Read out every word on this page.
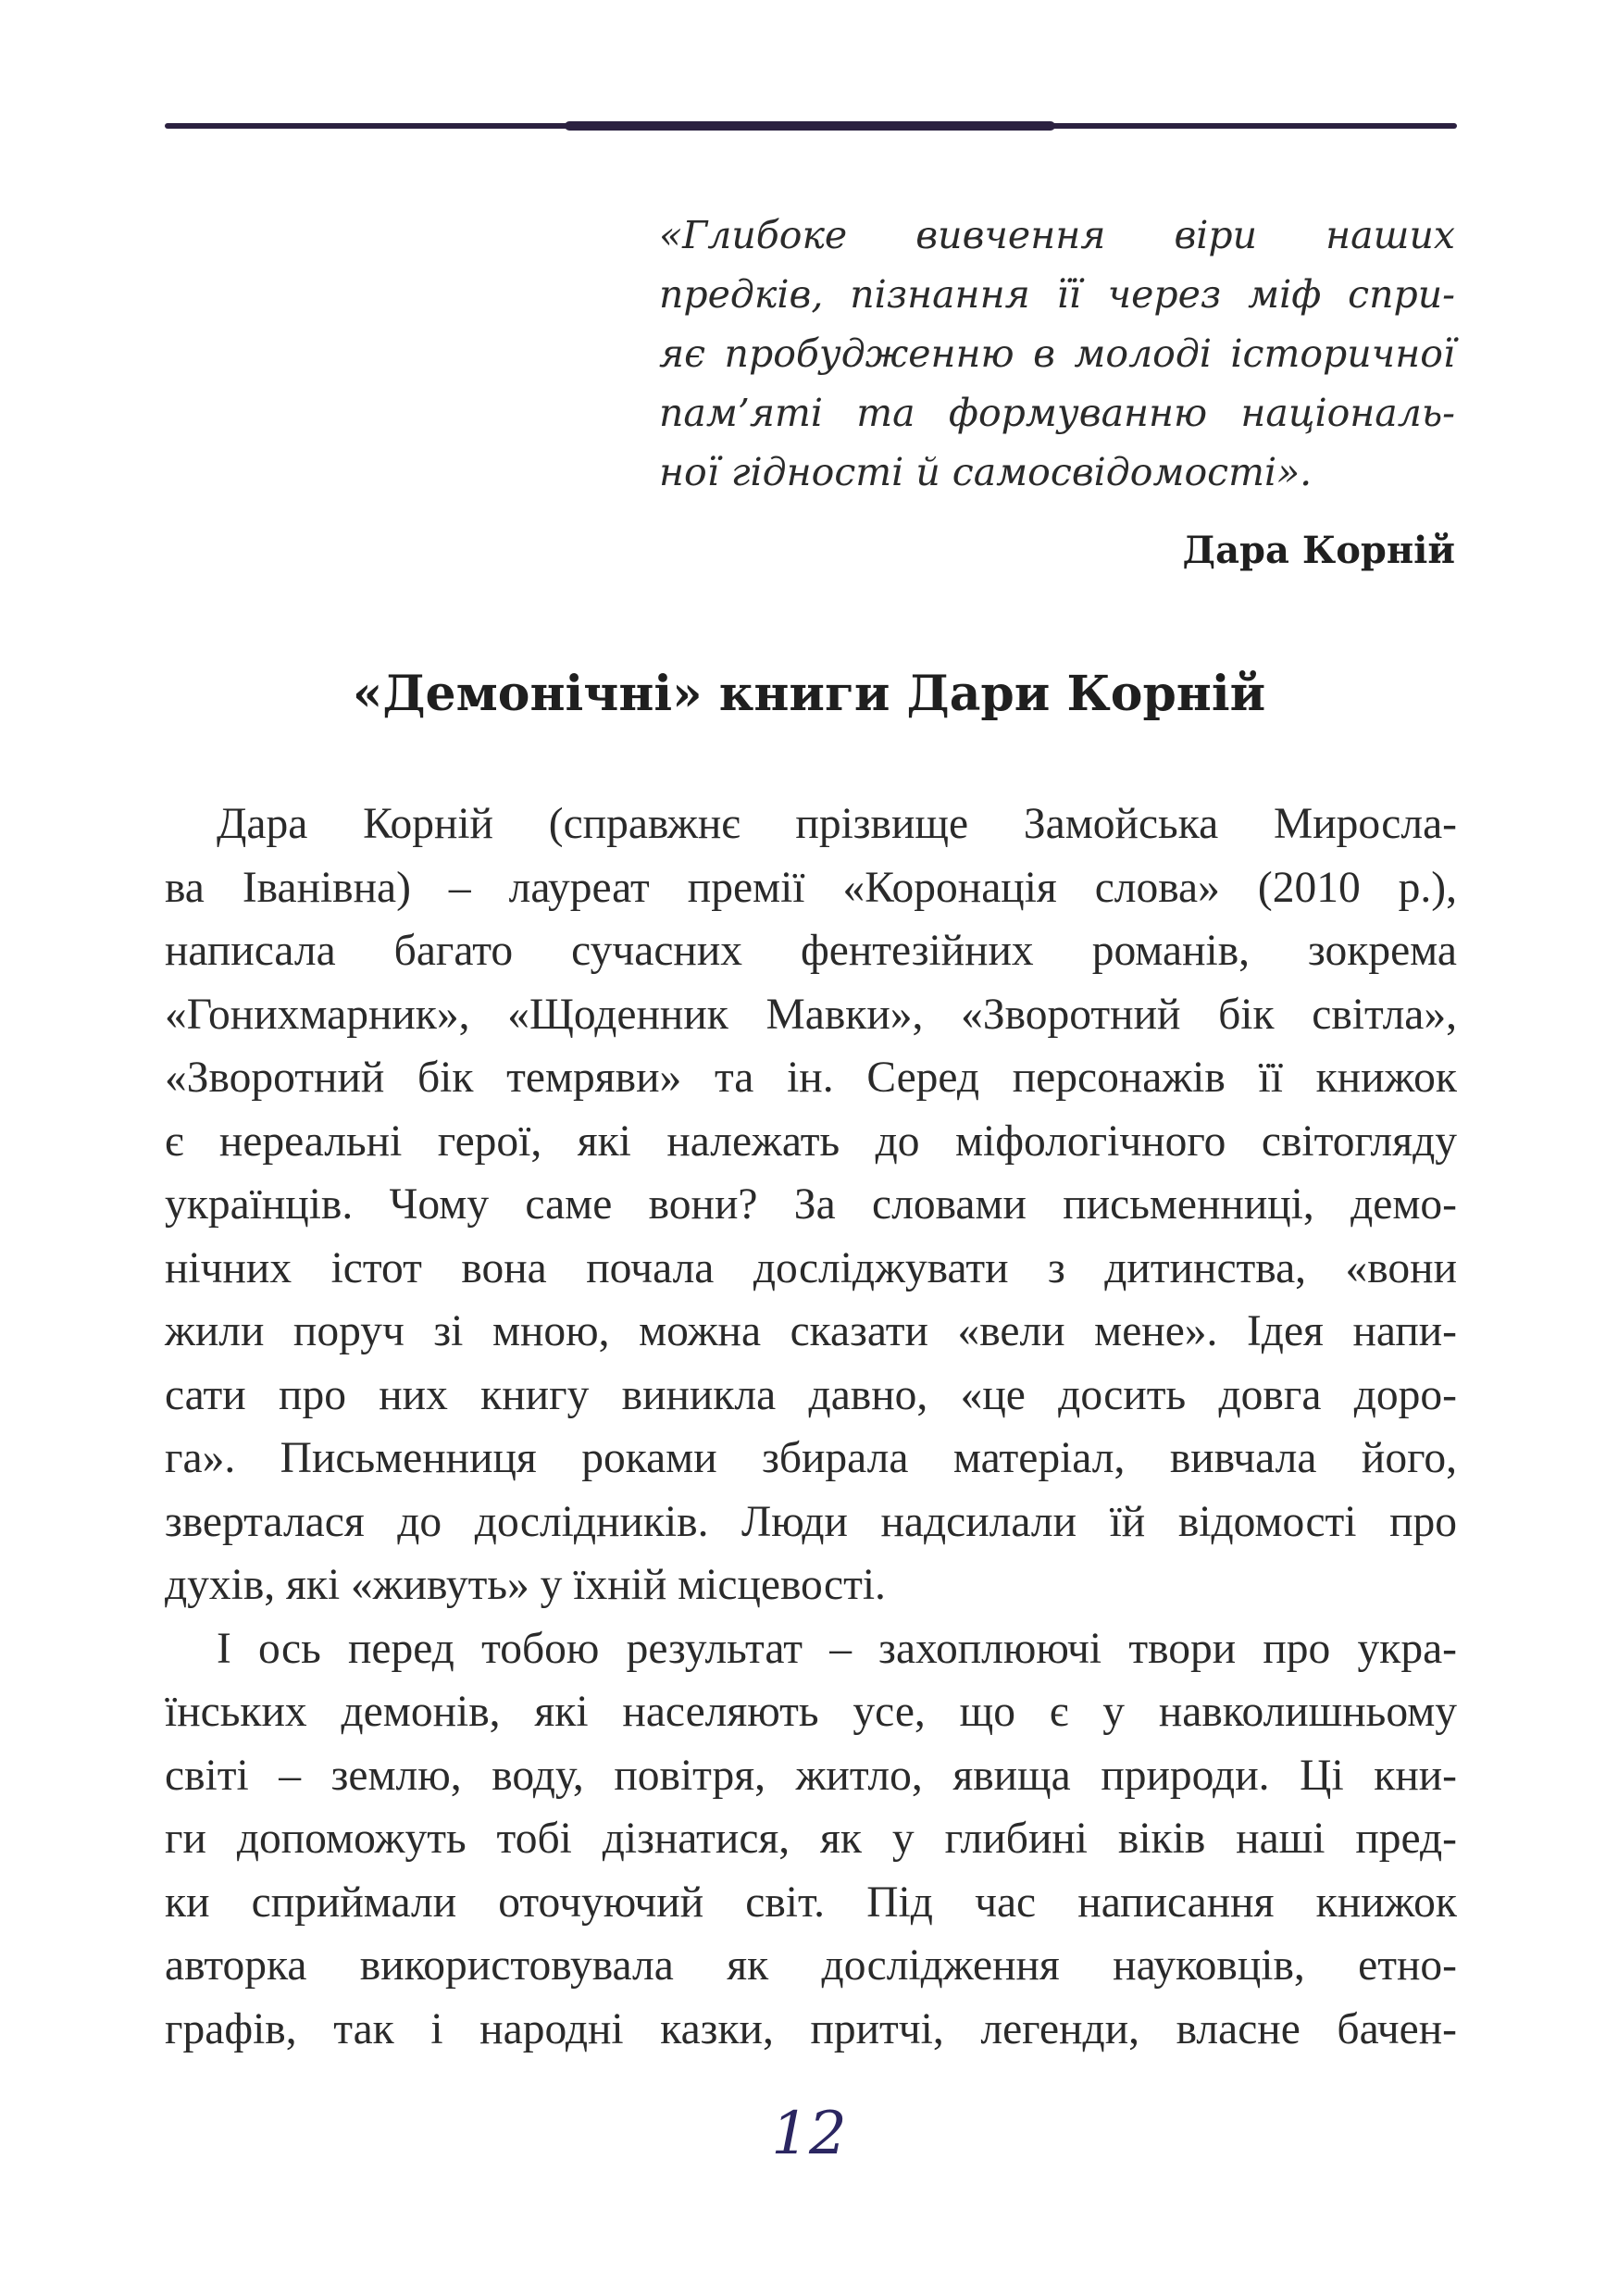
«Глибоке вивчення віри наших
предків, пізнання її через міф спри-
яє пробудженню в молоді історичної
пам’яті та формуванню національ-
ної гідності й самосвідомості».
Дара Корній
«Демонічні» книги Дари Корній
Дара Корній (справжнє прізвище Замойська Миросла-
ва Іванівна) – лауреат премії «Коронація слова» (2010 р.),
написала багато сучасних фентезійних романів, зокрема
«Гонихмарник», «Щоденник Мавки», «Зворотний бік світла»,
«Зворотний бік темряви» та ін. Серед персонажів її книжок
є нереальні герої, які належать до міфологічного світогляду
українців. Чому саме вони? За словами письменниці, демо-
нічних істот вона почала досліджувати з дитинства, «вони
жили поруч зі мною, можна сказати «вели мене». Ідея напи-
сати про них книгу виникла давно, «це досить довга доро-
га». Письменниця роками збирала матеріал, вивчала його,
зверталася до дослідників. Люди надсилали їй відомості про
духів, які «живуть» у їхній місцевості.
І ось перед тобою результат – захоплюючі твори про укра-
їнських демонів, які населяють усе, що є у навколишньому
світі – землю, воду, повітря, житло, явища природи. Ці кни-
ги допоможуть тобі дізнатися, як у глибині віків наші пред-
ки сприймали оточуючий світ. Під час написання книжок
авторка використовувала як дослідження науковців, етно-
графів, так і народні казки, притчі, легенди, власне бачен-
12
